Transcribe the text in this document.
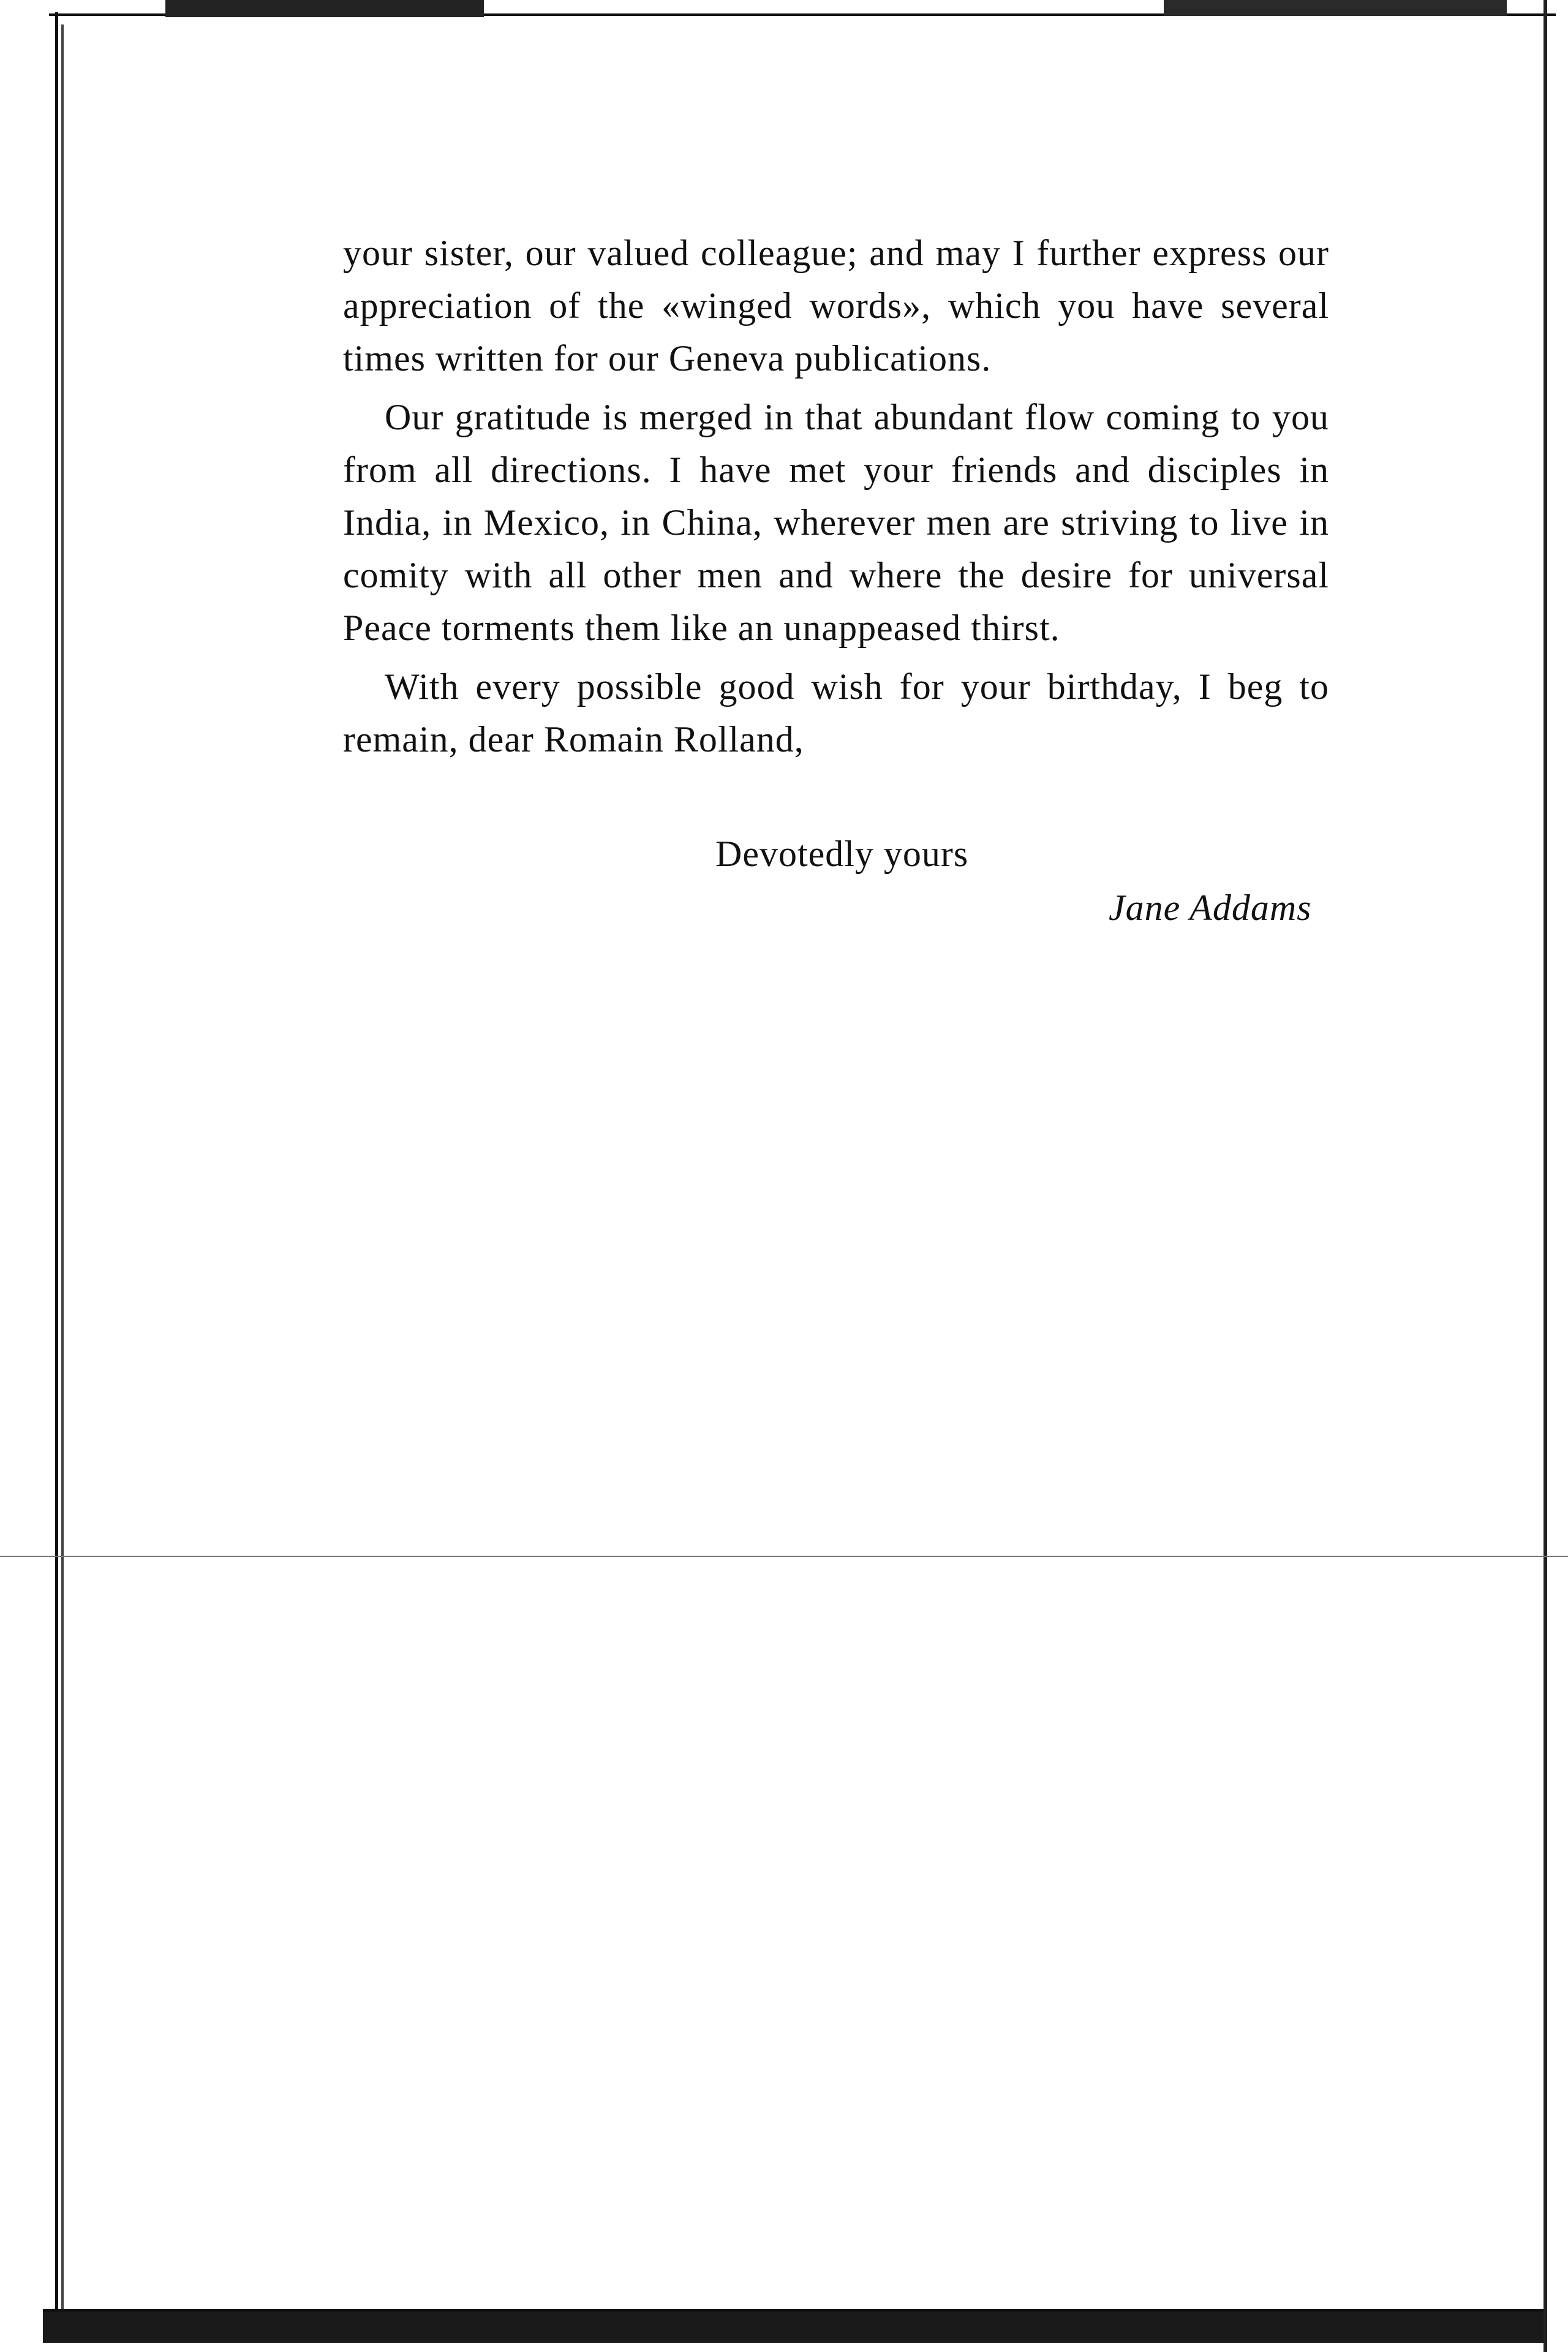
your sister, our valued colleague; and may I further express our appreciation of the «winged words», which you have several times written for our Geneva publications.

Our gratitude is merged in that abundant flow coming to you from all directions. I have met your friends and disciples in India, in Mexico, in China, wherever men are striving to live in comity with all other men and where the desire for universal Peace torments them like an unappeased thirst.

With every possible good wish for your birthday, I beg to remain, dear Romain Rolland,

Devotedly yours
Jane Addams
